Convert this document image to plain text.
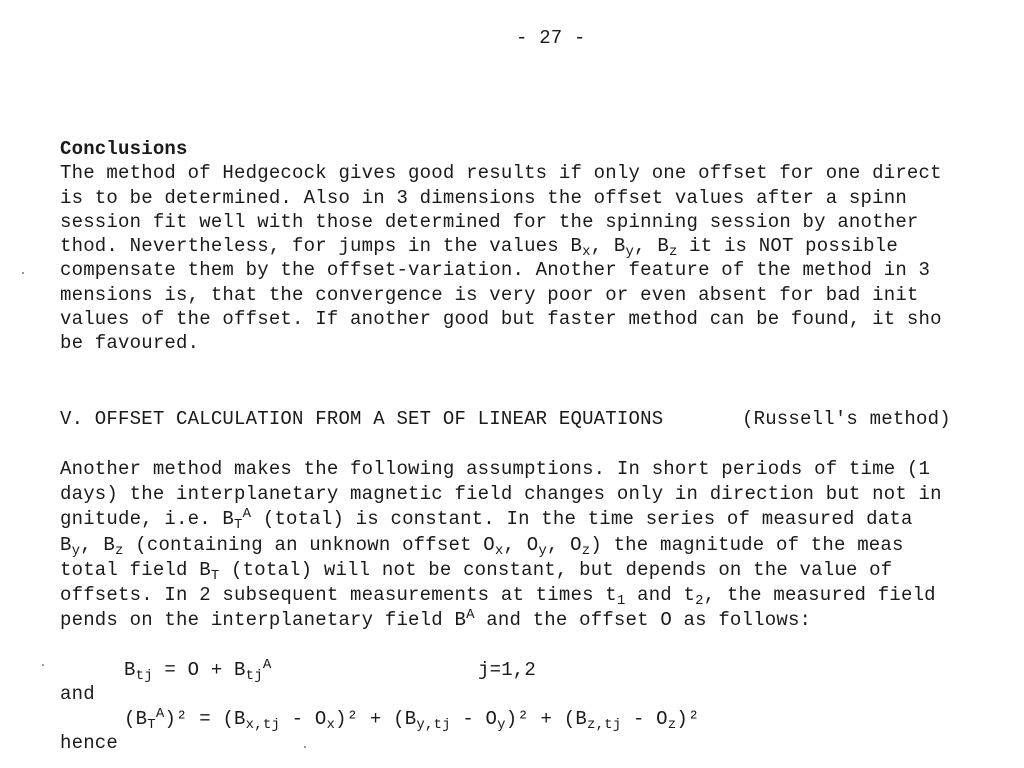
- 27 -
Conclusions
The method of Hedgecock gives good results if only one offset for one direct
is to be determined. Also in 3 dimensions the offset values after a spinn
session fit well with those determined for the spinning session by another
thod. Nevertheless, for jumps in the values $B_x$, $B_y$, $B_z$ it is NOT possible
compensate them by the offset-variation. Another feature of the method in 3
mensions is, that the convergence is very poor or even absent for bad init
values of the offset. If another good but faster method can be found, it sho
be favoured.
V. OFFSET CALCULATION FROM A SET OF LINEAR EQUATIONS	(Russell's method)
Another method makes the following assumptions. In short periods of time (1
days) the interplanetary magnetic field changes only in direction but not in
gnitude, i.e. $B_T^A$ (total) is constant. In the time series of measured data
$B_y$, $B_z$ (containing an unknown offset $O_x$, $O_y$, $O_z$) the magnitude of the meas
total field $B_T$ (total) will not be constant, but depends on the value of
offsets. In 2 subsequent measurements at times $t_1$ and $t_2$, the measured field
pends on the interplanetary field $B^A$ and the offset O as follows:
$B_{tj} = O + B_{tj}^A$	j=1,2
and
$(B_T^A)^2 = (B_{x,tj} - O_x)^2 + (B_{y,tj} - O_y)^2 + (B_{z,tj} - O_z)^2$
hence
